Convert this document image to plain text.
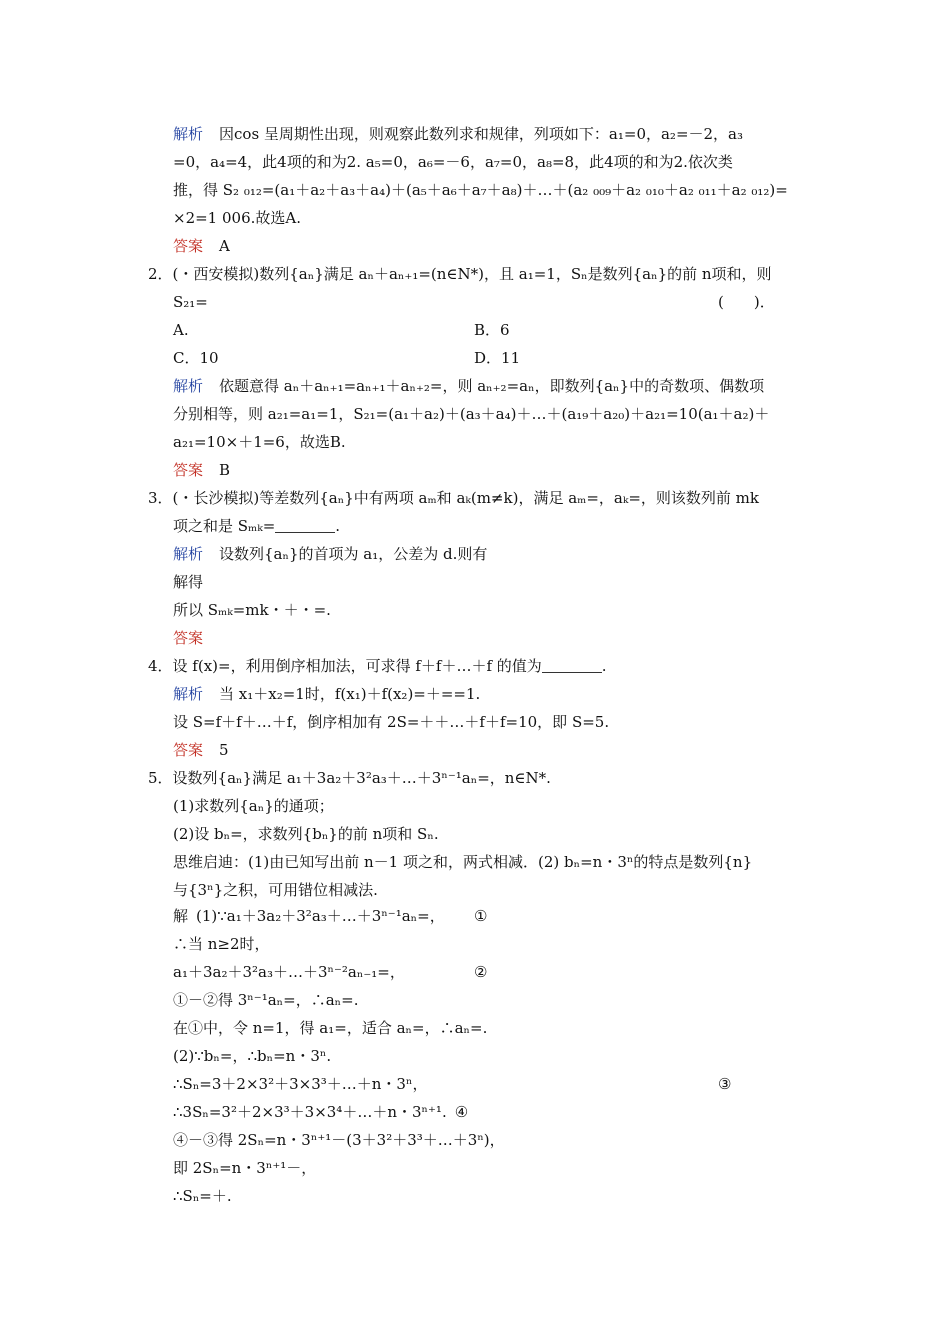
解析 因cos 呈周期性出现，则观察此数列求和规律，列项如下：a₁=0，a₂=－2，a₃
=0，a₄=4，此4项的和为2. a₅=0，a₆=－6，a₇=0，a₈=8，此4项的和为2.依次类
推，得 S₂ ₀₁₂=(a₁＋a₂＋a₃＋a₄)＋(a₅＋a₆＋a₇＋a₈)＋…＋(a₂ ₀₀₉＋a₂ ₀₁₀＋a₂ ₀₁₁＋a₂ ₀₁₂)=
×2=1 006.故选A.
答案 A
2．(・西安模拟)数列{aₙ}满足 aₙ＋aₙ₊₁=(n∈N*)，且 a₁=1，Sₙ是数列{aₙ}的前 n项和，则
S₂₁=	(　　)．
A.	B．6
C．10	D．11
解析 依题意得 aₙ＋aₙ₊₁=aₙ₊₁＋aₙ₊₂=，则 aₙ₊₂=aₙ，即数列{aₙ}中的奇数项、偶数项
分别相等，则 a₂₁=a₁=1，S₂₁=(a₁＋a₂)＋(a₃＋a₄)＋…＋(a₁₉＋a₂₀)＋a₂₁=10(a₁＋a₂)＋
a₂₁=10×＋1=6，故选B.
答案 B
3．(・长沙模拟)等差数列{aₙ}中有两项 aₘ和 aₖ(m≠k)，满足 aₘ=，aₖ=，则该数列前 mk
项之和是 Sₘₖ=	.
解析 设数列{aₙ}的首项为 a₁，公差为 d.则有
解得
所以 Sₘₖ=mk・＋・=.
答案
4．设 f(x)=，利用倒序相加法，可求得 f＋f＋…＋f 的值为	.
解析 当 x₁＋x₂=1时，f(x₁)＋f(x₂)=＋==1.
设 S=f＋f＋…＋f，倒序相加有 2S=＋＋…＋f＋f=10，即 S=5.
答案 5
5．设数列{aₙ}满足 a₁＋3a₂＋3²a₃＋…＋3ⁿ⁻¹aₙ=，n∈N*.
(1)求数列{aₙ}的通项；
(2)设 bₙ=，求数列{bₙ}的前 n项和 Sₙ.
思维启迪：(1)由已知写出前 n－1 项之和，两式相减．(2) bₙ=n・3ⁿ的特点是数列{n}
与{3ⁿ}之积，可用错位相减法.
解 (1)∵a₁＋3a₂＋3²a₃＋…＋3ⁿ⁻¹aₙ=， ①
∴当 n≥2时，
a₁＋3a₂＋3²a₃＋…＋3ⁿ⁻²aₙ₋₁=，	②
①－②得 3ⁿ⁻¹aₙ=，∴aₙ=.
在①中，令 n=1，得 a₁=，适合 aₙ=，∴aₙ=.
(2)∵bₙ=，∴bₙ=n・3ⁿ.
∴Sₙ=3＋2×3²＋3×3³＋…＋n・3ⁿ，	③
∴3Sₙ=3²＋2×3³＋3×3⁴＋…＋n・3ⁿ⁺¹. ④
④－③得 2Sₙ=n・3ⁿ⁺¹－(3＋3²＋3³＋…＋3ⁿ)，
即 2Sₙ=n・3ⁿ⁺¹－，
∴Sₙ=＋.
